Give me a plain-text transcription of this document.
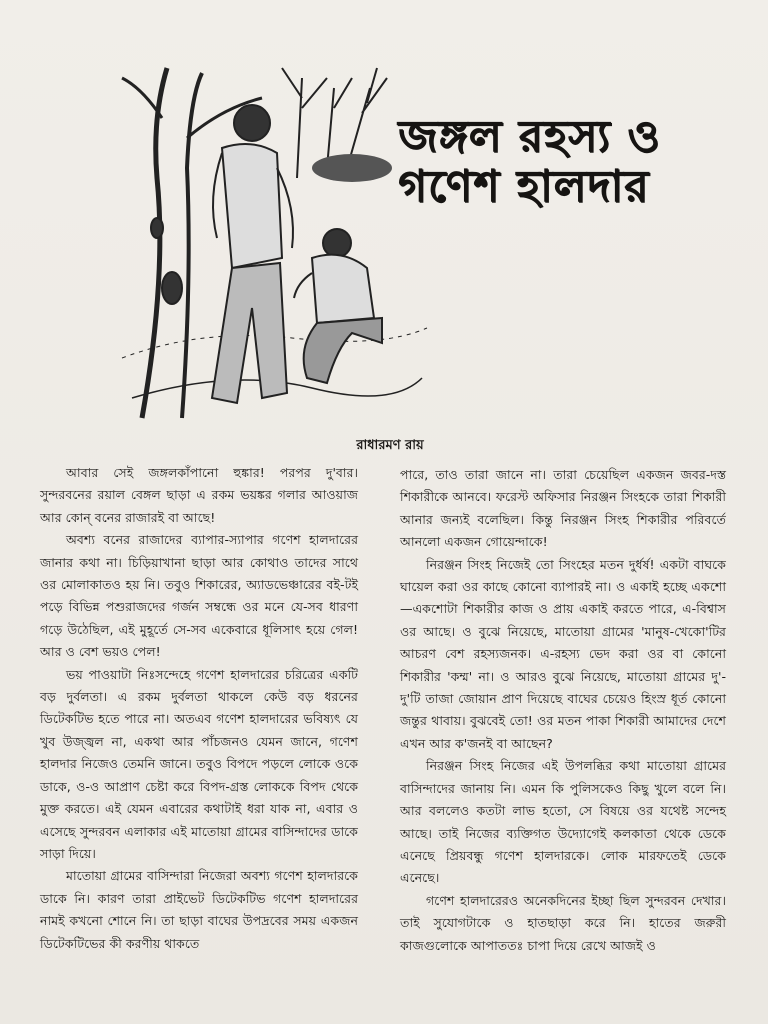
জঙ্গল রহস্য ও
গণেশ হালদার
রাধারমণ রায়

আবার সেই জঙ্গলকাঁপানো হুঙ্কার! পরপর দু'বার। সুন্দরবনের রয়াল বেঙ্গল ছাড়া এ রকম ভয়ঙ্কর গলার আওয়াজ আর কোন্ বনের রাজারই বা আছে!

অবশ্য বনের রাজাদের ব্যাপার-স্যাপার গণেশ হালদারের জানার কথা না। চিড়িয়াখানা ছাড়া আর কোথাও তাদের সাথে ওর মোলাকাতও হয় নি। তবুও শিকারের, অ্যাডভেঞ্চারের বই-টই পড়ে বিভিন্ন পশুরাজদের গর্জন সম্বন্ধে ওর মনে যে-সব ধারণা গড়ে উঠেছিল, এই মুহূর্তে সে-সব একেবারে ধূলিসাৎ হয়ে গেল! আর ও বেশ ভয়ও পেল!

ভয় পাওয়াটা নিঃসন্দেহে গণেশ হালদারের চরিত্রের একটি বড় দুর্বলতা। এ রকম দুর্বলতা থাকলে কেউ বড় ধরনের ডিটেকটিভ হতে পারে না। অতএব গণেশ হালদারের ভবিষ্যৎ যে খুব উজ্জ্বল না, একথা আর পাঁচজনও যেমন জানে, গণেশ হালদার নিজেও তেমনি জানে। তবুও বিপদে পড়লে লোকে ওকে ডাকে, ও-ও আপ্রাণ চেষ্টা করে বিপদ-গ্রস্ত লোককে বিপদ থেকে মুক্ত করতে। এই যেমন এবারের কথাটাই ধরা যাক না, এবার ও এসেছে সুন্দরবন এলাকার এই মাতোয়া গ্রামের বাসিন্দাদের ডাকে সাড়া দিয়ে।

মাতোয়া গ্রামের বাসিন্দারা নিজেরা অবশ্য গণেশ হালদারকে ডাকে নি। কারণ তারা প্রাইভেট ডিটেকটিভ গণেশ হালদারের নামই কখনো শোনে নি। তা ছাড়া বাঘের উপদ্রবের সময় একজন ডিটেকটিভের কী করণীয় থাকতে

পারে, তাও তারা জানে না। তারা চেয়েছিল একজন জবর-দস্ত শিকারীকে আনবে। ফরেস্ট অফিসার নিরঞ্জন সিংহকে তারা শিকারী আনার জন্যই বলেছিল। কিন্তু নিরঞ্জন সিংহ শিকারীর পরিবর্তে আনলো একজন গোয়েন্দাকে!

নিরঞ্জন সিংহ নিজেই তো সিংহের মতন দুর্ধর্ষ! একটা বাঘকে ঘায়েল করা ওর কাছে কোনো ব্যাপারই না। ও একাই হচ্ছে একশো—একশোটা শিকারীর কাজ ও প্রায় একাই করতে পারে, এ-বিশ্বাস ওর আছে। ও বুঝে নিয়েছে, মাতোয়া গ্রামের 'মানুষ-খেকো'টির আচরণ বেশ রহস্যজনক। এ-রহস্য ভেদ করা ওর বা কোনো শিকারীর 'কম্ম' না। ও আরও বুঝে নিয়েছে, মাতোয়া গ্রামের দু'-দু'টি তাজা জোয়ান প্রাণ দিয়েছে বাঘের চেয়েও হিংস্র ধূর্ত কোনো জন্তুর থাবায়। বুঝবেই তো! ওর মতন পাকা শিকারী আমাদের দেশে এখন আর ক'জনই বা আছেন?

নিরঞ্জন সিংহ নিজের এই উপলব্ধির কথা মাতোয়া গ্রামের বাসিন্দাদের জানায় নি। এমন কি পুলিসকেও কিছু খুলে বলে নি। আর বললেও কতটা লাভ হতো, সে বিষয়ে ওর যথেষ্ট সন্দেহ আছে। তাই নিজের ব্যক্তিগত উদ্যোগেই কলকাতা থেকে ডেকে এনেছে প্রিয়বন্ধু গণেশ হালদারকে। লোক মারফতেই ডেকে এনেছে।

গণেশ হালদারেরও অনেকদিনের ইচ্ছা ছিল সুন্দরবন দেখার। তাই সুযোগটাকে ও হাতছাড়া করে নি। হাতের জরুরী কাজগুলোকে আপাততঃ চাপা দিয়ে রেখে আজই ও
